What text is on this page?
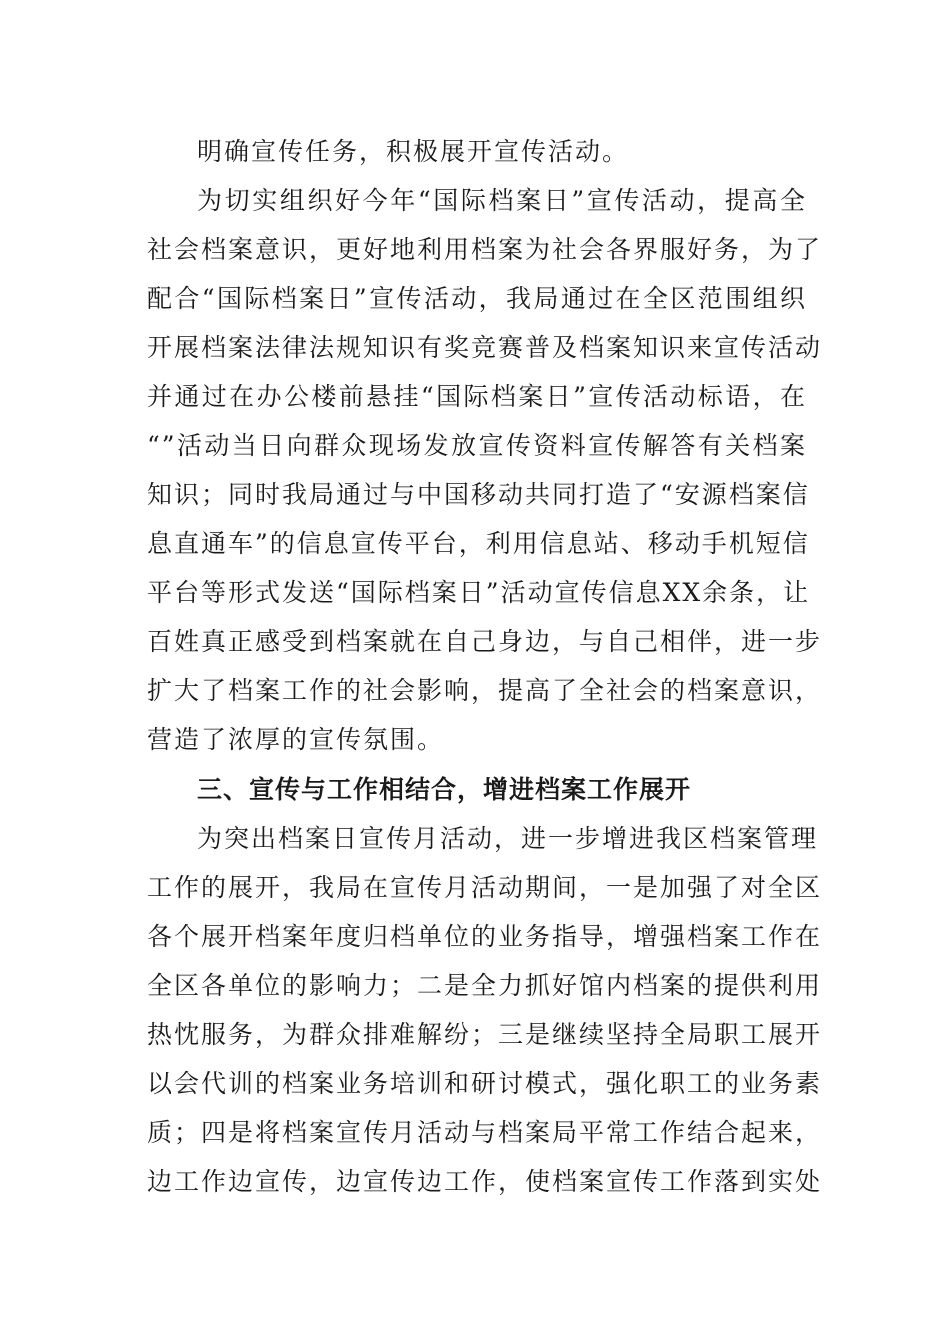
明确宣传任务，积极展开宣传活动。
为切实组织好今年“国际档案日”宣传活动，提高全
社会档案意识，更好地利用档案为社会各界服好务，为了
配合“国际档案日”宣传活动，我局通过在全区范围组织
开展档案法律法规知识有奖竞赛普及档案知识来宣传活动
并通过在办公楼前悬挂“国际档案日”宣传活动标语，在
“”活动当日向群众现场发放宣传资料宣传解答有关档案
知识；同时我局通过与中国移动共同打造了“安源档案信
息直通车”的信息宣传平台，利用信息站、移动手机短信
平台等形式发送“国际档案日”活动宣传信息XX余条，让
百姓真正感受到档案就在自己身边，与自己相伴，进一步
扩大了档案工作的社会影响，提高了全社会的档案意识，
营造了浓厚的宣传氛围。
三、宣传与工作相结合，增进档案工作展开
为突出档案日宣传月活动，进一步增进我区档案管理
工作的展开，我局在宣传月活动期间，一是加强了对全区
各个展开档案年度归档单位的业务指导，增强档案工作在
全区各单位的影响力；二是全力抓好馆内档案的提供利用
热忱服务，为群众排难解纷；三是继续坚持全局职工展开
以会代训的档案业务培训和研讨模式，强化职工的业务素
质；四是将档案宣传月活动与档案局平常工作结合起来，
边工作边宣传，边宣传边工作，使档案宣传工作落到实处
